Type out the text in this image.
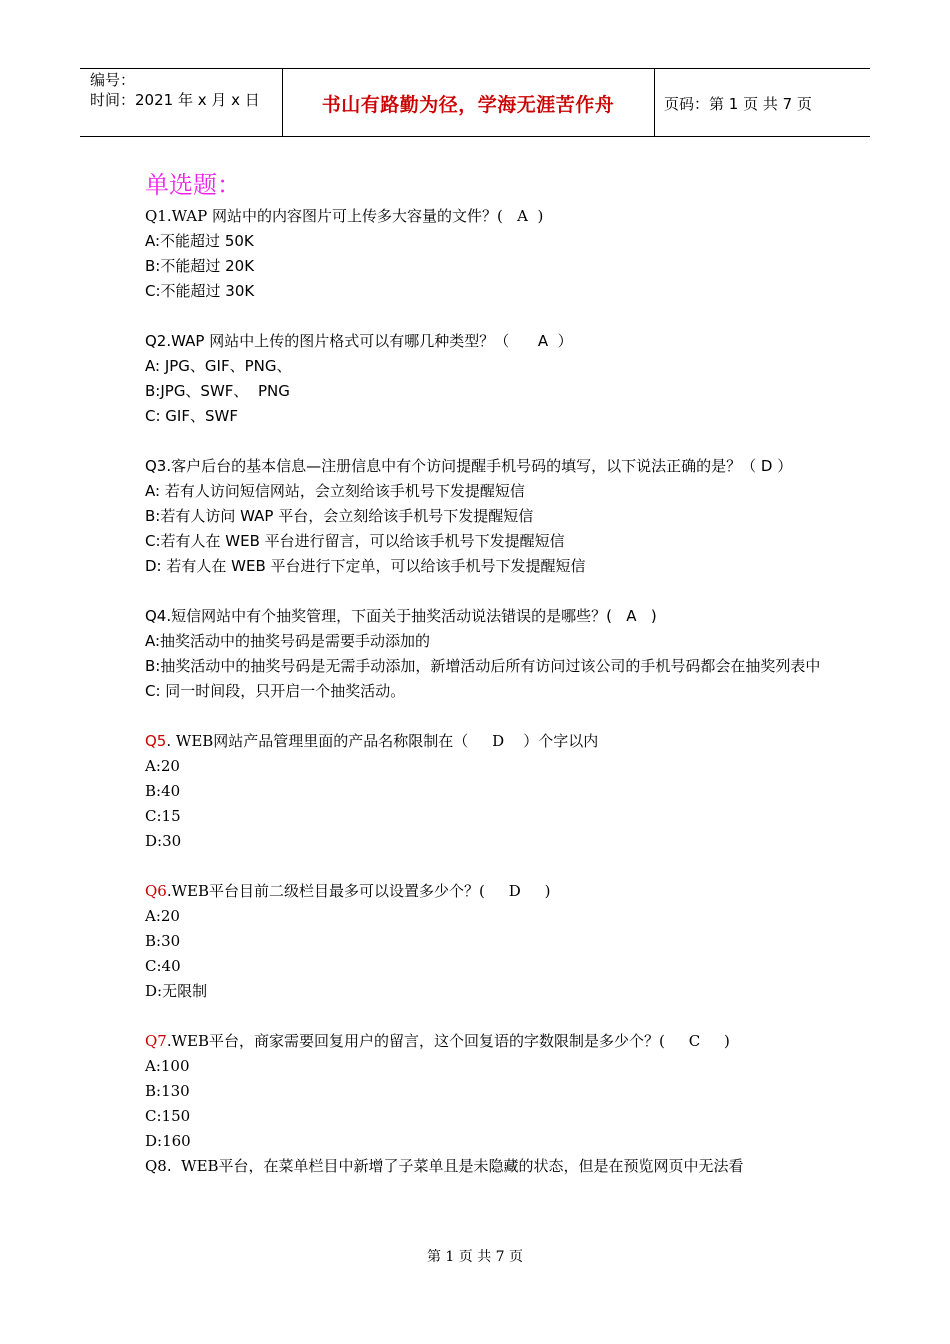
编号：
时间：2021 年 x 月 x 日	书山有路勤为径，学海无涯苦作舟	页码：第 1 页 共 7 页
单选题：
Q1.WAP 网站中的内容图片可上传多大容量的文件？(   A  )
A:不能超过 50K
B:不能超过 20K
C:不能超过 30K
Q2.WAP 网站中上传的图片格式可以有哪几种类型？（      A  ）
A: JPG、GIF、PNG、
B:JPG、SWF、  PNG
C: GIF、SWF
Q3.客户后台的基本信息—注册信息中有个访问提醒手机号码的填写，以下说法正确的是？（ D ）
A: 若有人访问短信网站，会立刻给该手机号下发提醒短信
B:若有人访问 WAP 平台，会立刻给该手机号下发提醒短信
C:若有人在 WEB 平台进行留言，可以给该手机号下发提醒短信
D: 若有人在 WEB 平台进行下定单，可以给该手机号下发提醒短信
Q4.短信网站中有个抽奖管理，下面关于抽奖活动说法错误的是哪些？(   A   )
A:抽奖活动中的抽奖号码是需要手动添加的
B:抽奖活动中的抽奖号码是无需手动添加，新增活动后所有访问过该公司的手机号码都会在抽奖列表中
C: 同一时间段，只开启一个抽奖活动。
Q5. WEB网站产品管理里面的产品名称限制在（     D    ）个字以内
A:20
B:40
C:15
D:30
Q6.WEB平台目前二级栏目最多可以设置多少个？(     D     )
A:20
B:30
C:40
D:无限制
Q7.WEB平台，商家需要回复用户的留言，这个回复语的字数限制是多少个？(     C     )
A:100
B:130
C:150
D:160
Q8.  WEB平台，在菜单栏目中新增了子菜单且是未隐藏的状态，但是在预览网页中无法看
第 1 页 共 7 页
